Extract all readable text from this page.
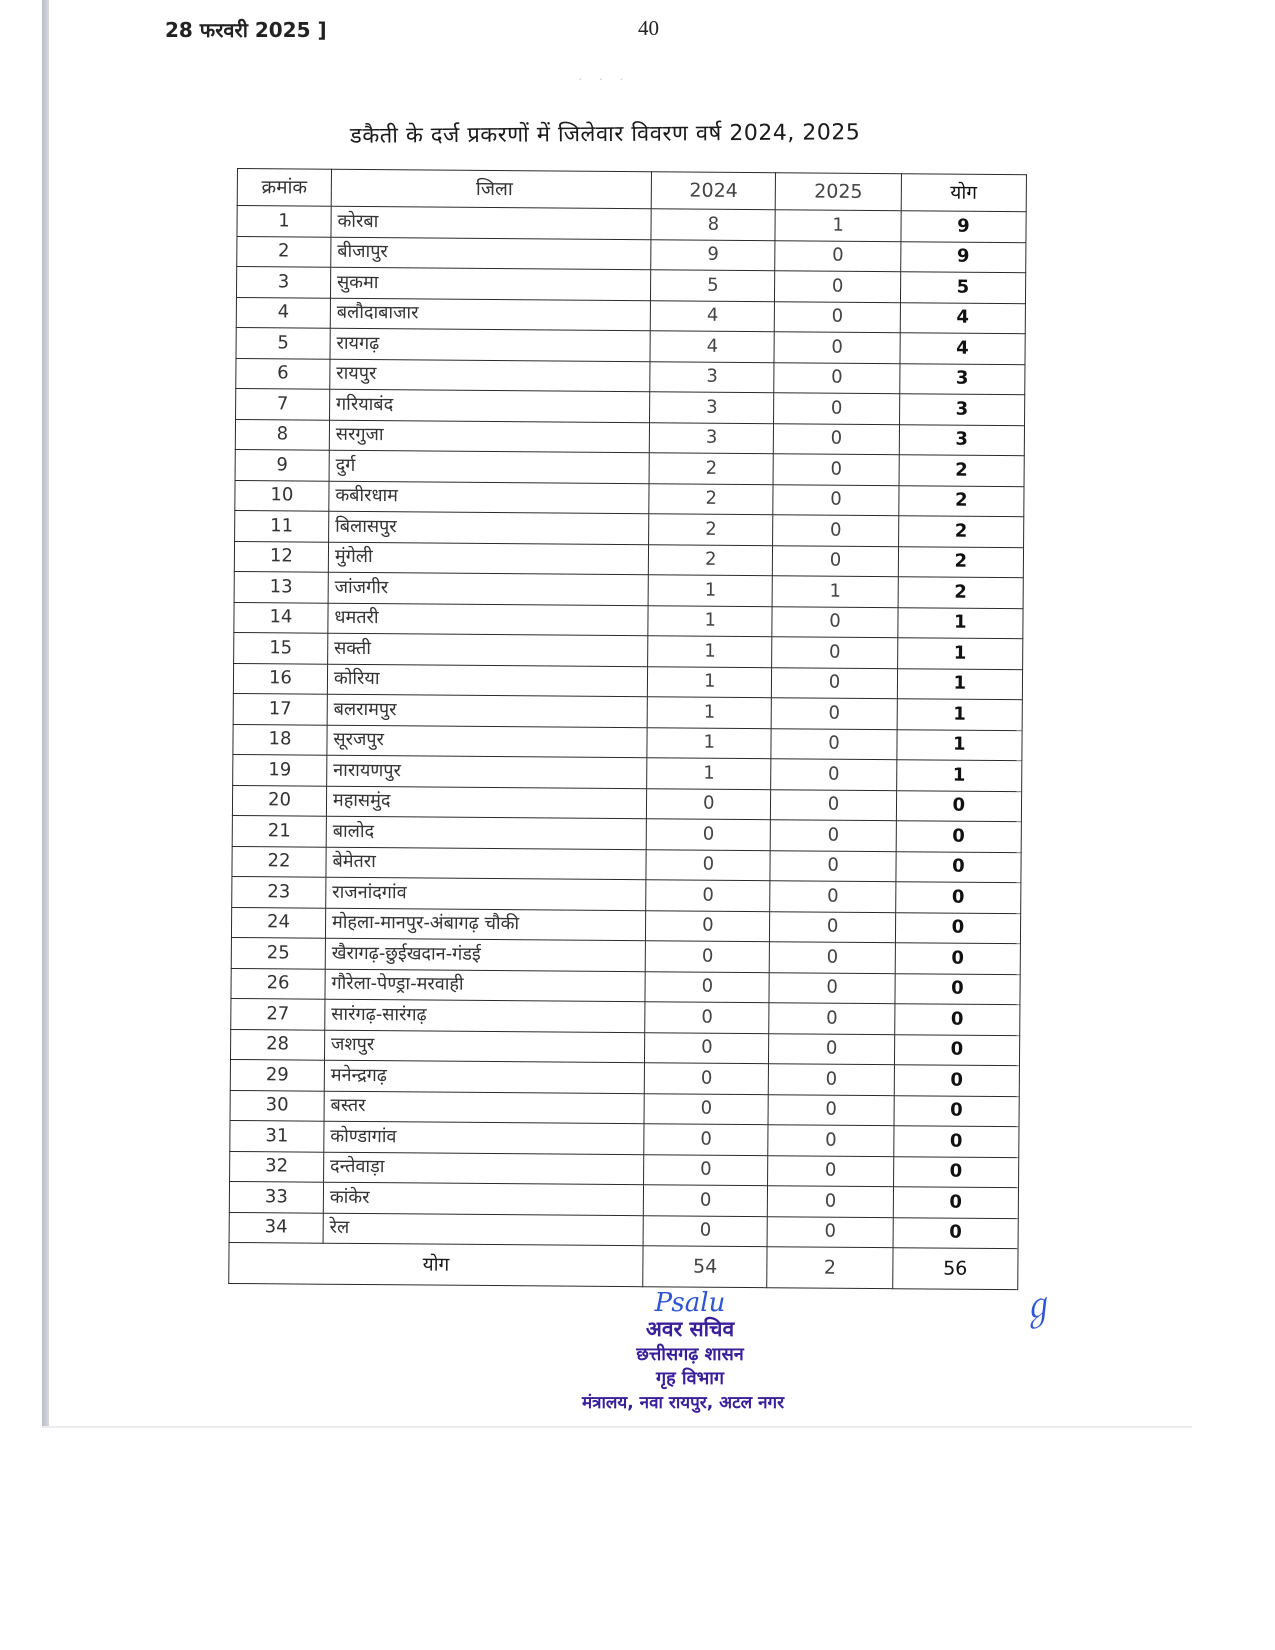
28 फरवरी 2025 ]	40
· · ·
डकैती के दर्ज प्रकरणों में जिलेवार विवरण वर्ष 2024, 2025
क्रमांक	जिला	2024	2025	योग
1	कोरबा	8	1	9
2	बीजापुर	9	0	9
3	सुकमा	5	0	5
4	बलौदाबाजार	4	0	4
5	रायगढ़	4	0	4
6	रायपुर	3	0	3
7	गरियाबंद	3	0	3
8	सरगुजा	3	0	3
9	दुर्ग	2	0	2
10	कबीरधाम	2	0	2
11	बिलासपुर	2	0	2
12	मुंगेली	2	0	2
13	जांजगीर	1	1	2
14	धमतरी	1	0	1
15	सक्ती	1	0	1
16	कोरिया	1	0	1
17	बलरामपुर	1	0	1
18	सूरजपुर	1	0	1
19	नारायणपुर	1	0	1
20	महासमुंद	0	0	0
21	बालोद	0	0	0
22	बेमेतरा	0	0	0
23	राजनांदगांव	0	0	0
24	मोहला-मानपुर-अंबागढ़ चौकी	0	0	0
25	खैरागढ़-छुईखदान-गंडई	0	0	0
26	गौरेला-पेण्ड्रा-मरवाही	0	0	0
27	सारंगढ़-सारंगढ़	0	0	0
28	जशपुर	0	0	0
29	मनेन्द्रगढ़	0	0	0
30	बस्तर	0	0	0
31	कोण्डागांव	0	0	0
32	दन्तेवाड़ा	0	0	0
33	कांकेर	0	0	0
34	रेल	0	0	0
योग		54	2	56
Psalu
अवर सचिव
छत्तीसगढ़ शासन
गृह विभाग
मंत्रालय, नवा रायपुर, अटल नगर
ℊ
